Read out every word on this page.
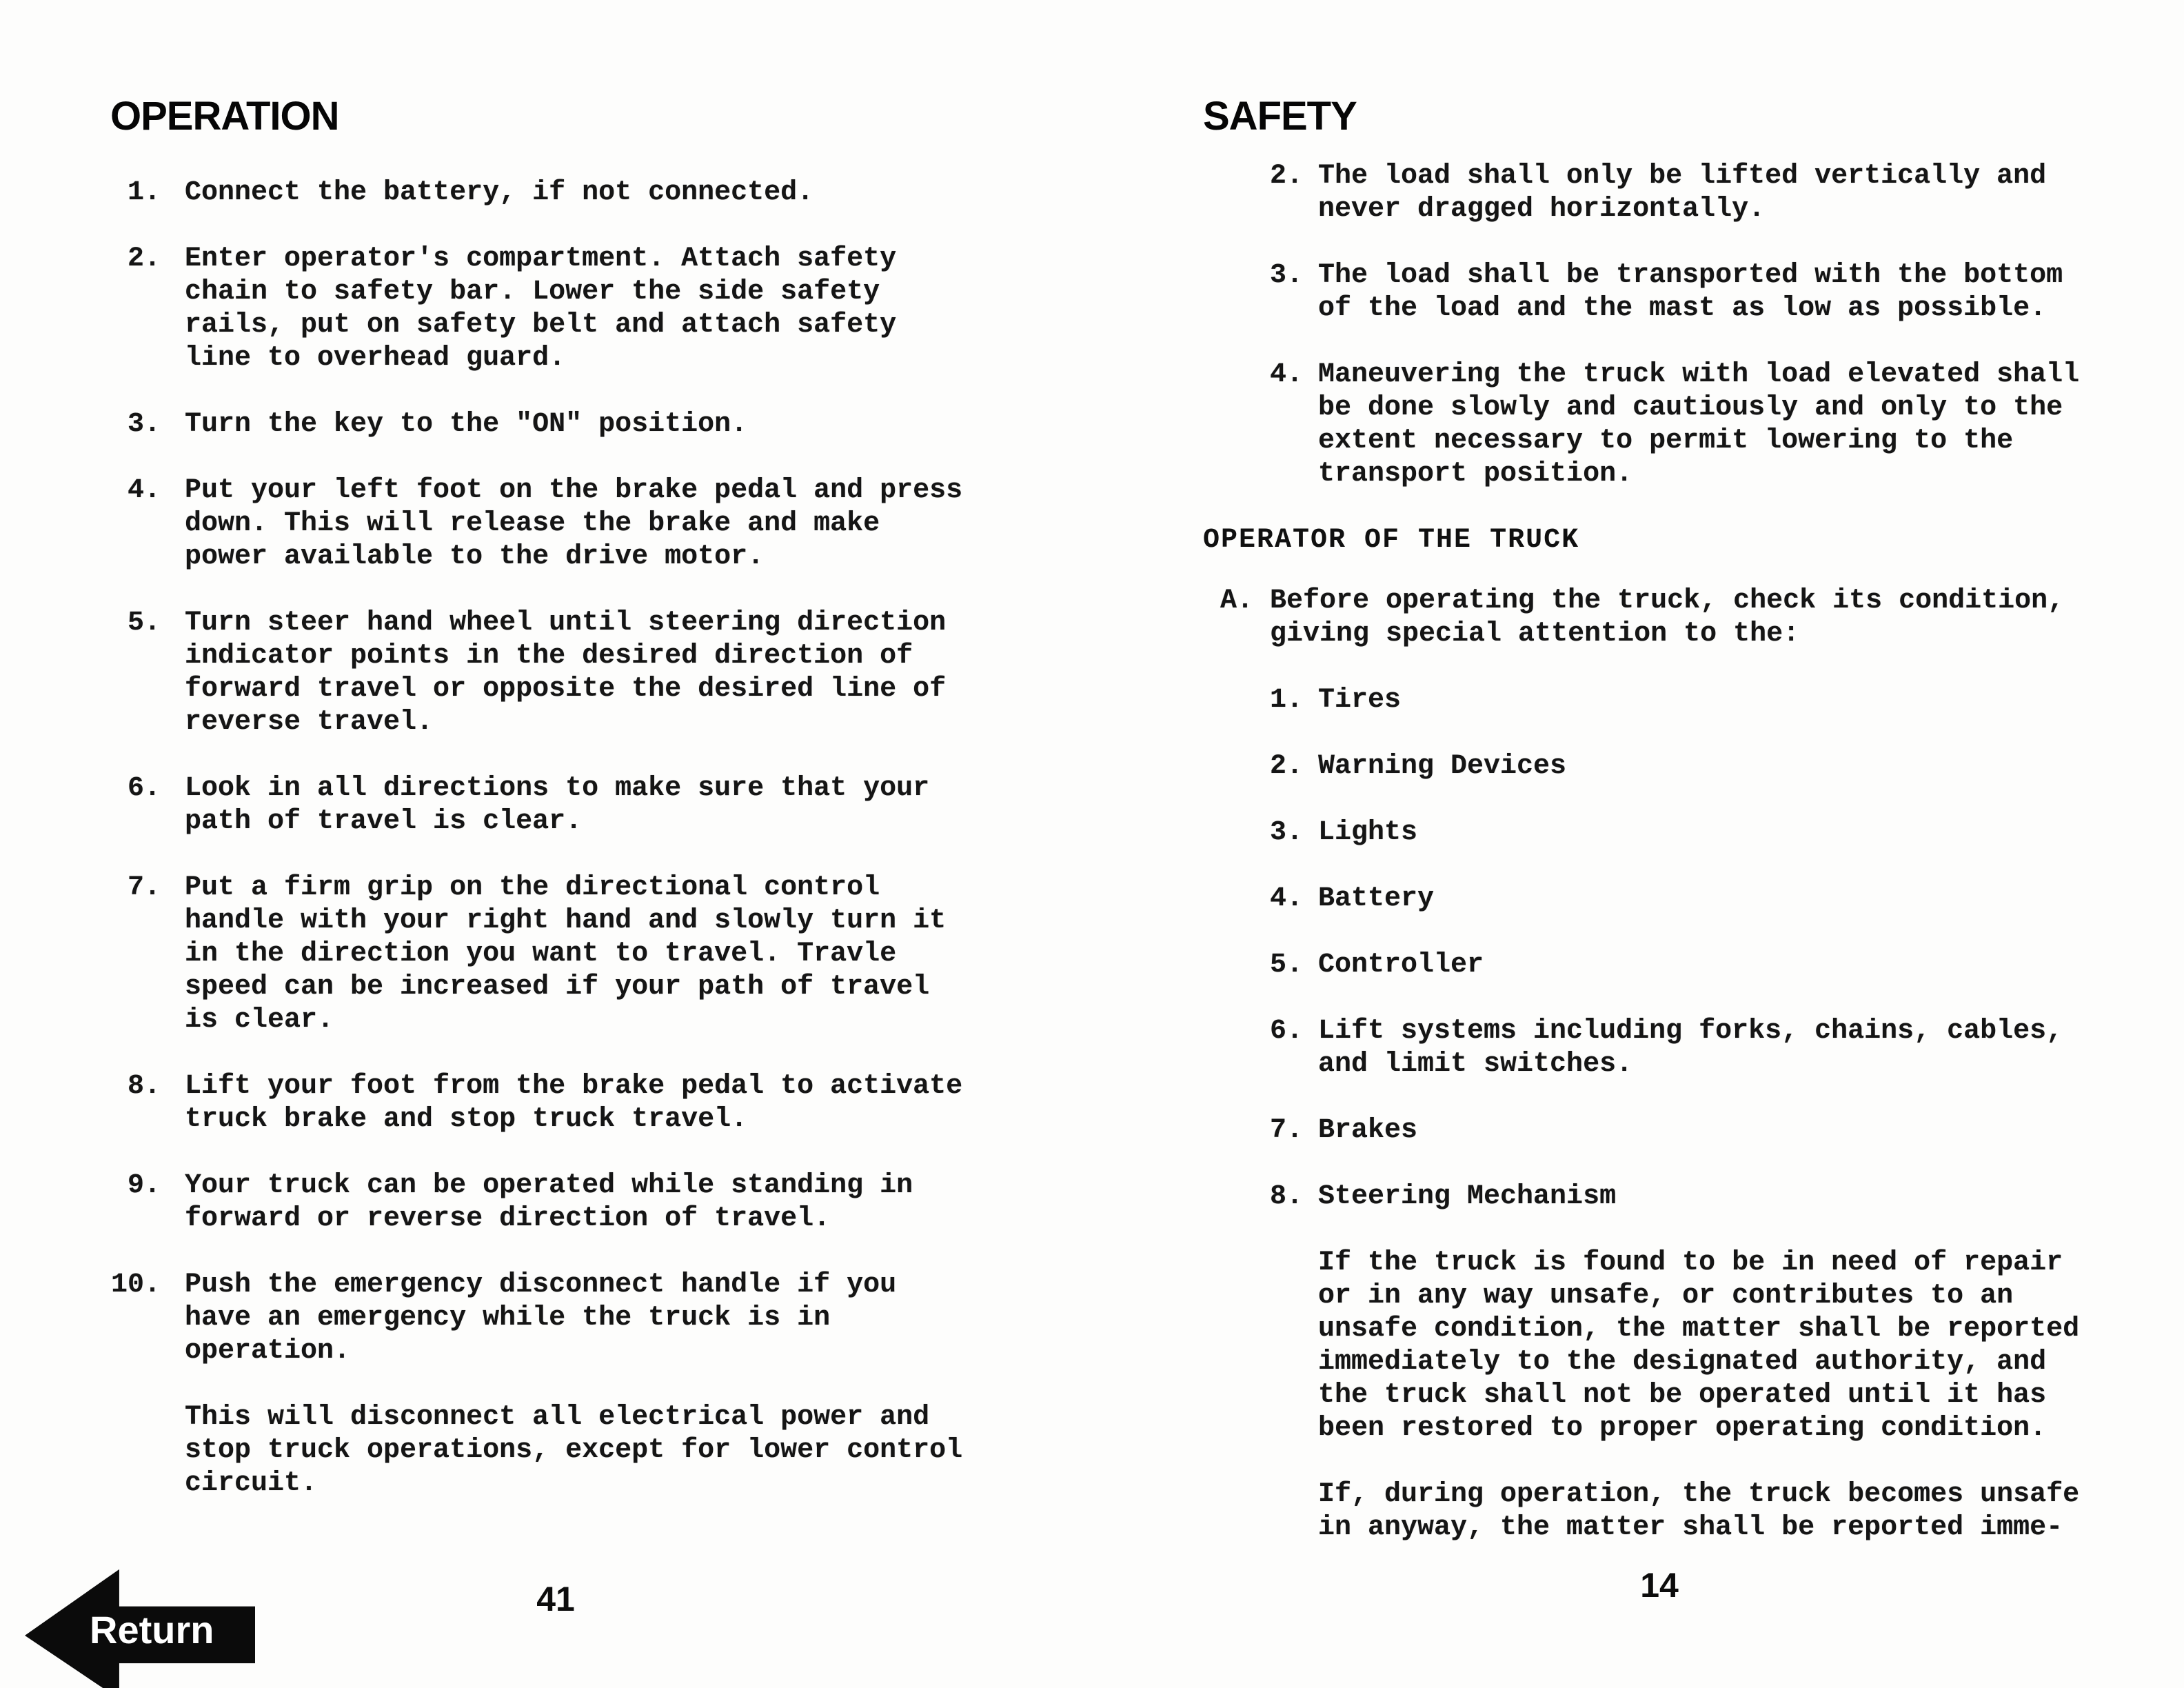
OPERATION
1. Connect the battery, if not connected.
2. Enter operator's compartment. Attach safety chain to safety bar. Lower the side safety rails, put on safety belt and attach safety line to overhead guard.
3. Turn the key to the "ON" position.
4. Put your left foot on the brake pedal and press down. This will release the brake and make power available to the drive motor.
5. Turn steer hand wheel until steering direction indicator points in the desired direction of forward travel or opposite the desired line of reverse travel.
6. Look in all directions to make sure that your path of travel is clear.
7. Put a firm grip on the directional control handle with your right hand and slowly turn it in the direction you want to travel. Travle speed can be increased if your path of travel is clear.
8. Lift your foot from the brake pedal to activate truck brake and stop truck travel.
9. Your truck can be operated while standing in forward or reverse direction of travel.
10. Push the emergency disconnect handle if you have an emergency while the truck is in operation.

This will disconnect all electrical power and stop truck operations, except for lower control circuit.

SAFETY
2. The load shall only be lifted vertically and never dragged horizontally.
3. The load shall be transported with the bottom of the load and the mast as low as possible.
4. Maneuvering the truck with load elevated shall be done slowly and cautiously and only to the extent necessary to permit lowering to the transport position.
OPERATOR OF THE TRUCK
A. Before operating the truck, check its condition, giving special attention to the:
1. Tires
2. Warning Devices
3. Lights
4. Battery
5. Controller
6. Lift systems including forks, chains, cables, and limit switches.
7. Brakes
8. Steering Mechanism

If the truck is found to be in need of repair or in any way unsafe, or contributes to an unsafe condition, the matter shall be reported immediately to the designated authority, and the truck shall not be operated until it has been restored to proper operating condition.

If, during operation, the truck becomes unsafe in anyway, the matter shall be reported imme-

41	14
Return
